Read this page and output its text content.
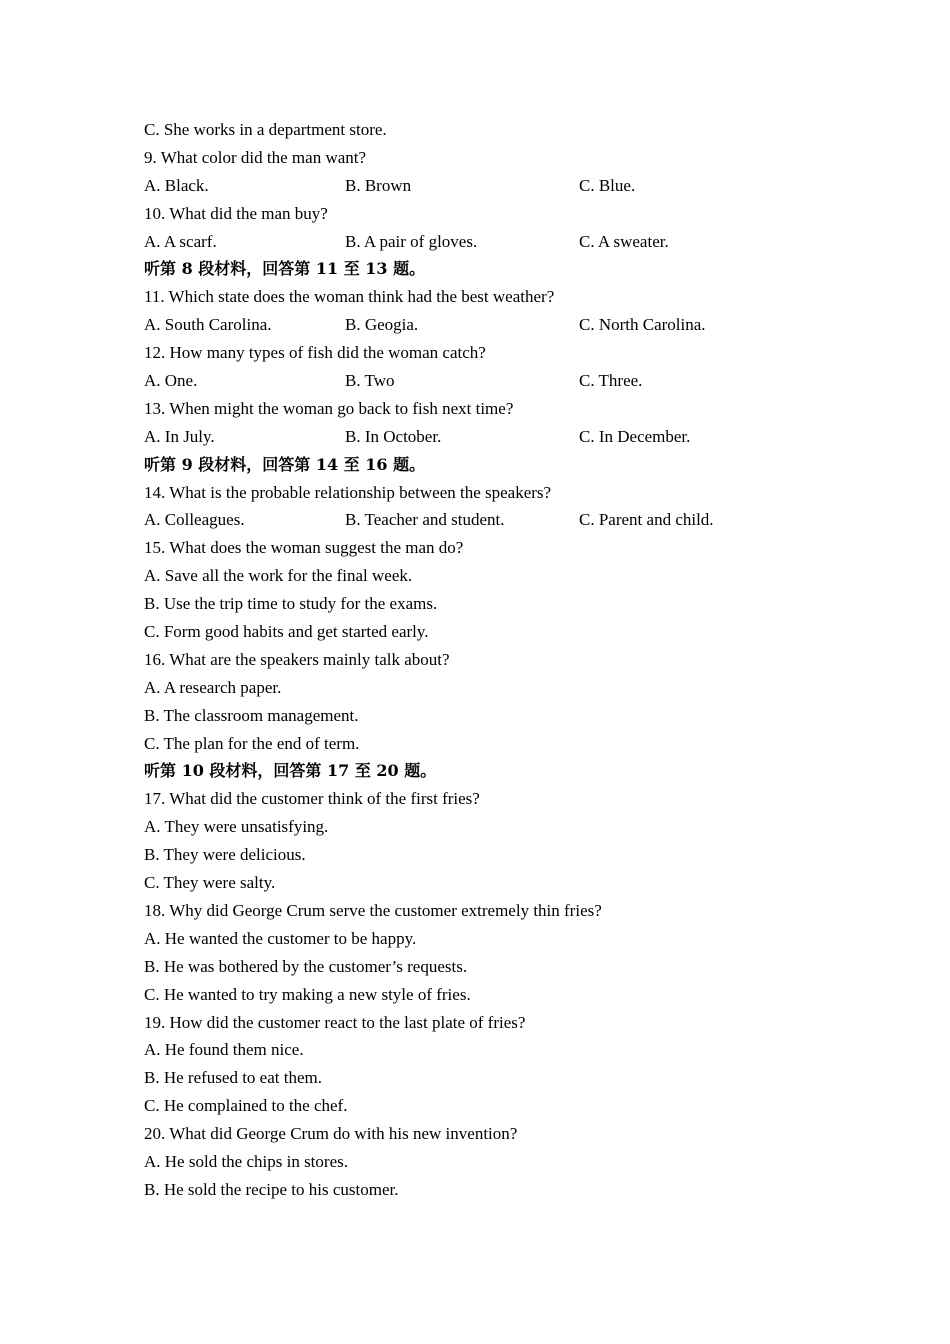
C. She works in a department store.
9. What color did the man want?
A. Black.	B. Brown	C. Blue.
10. What did the man buy?
A. A scarf.	B. A pair of gloves.	C. A sweater.
听第 8 段材料，回答第 11 至 13 题。
11. Which state does the woman think had the best weather?
A. South Carolina.	B. Geogia.	C. North Carolina.
12. How many types of fish did the woman catch?
A. One.	B. Two	C. Three.
13. When might the woman go back to fish next time?
A. In July.	B. In October.	C. In December.
听第 9 段材料，回答第 14 至 16 题。
14. What is the probable relationship between the speakers?
A. Colleagues.	B. Teacher and student.	C. Parent and child.
15. What does the woman suggest the man do?
A. Save all the work for the final week.
B. Use the trip time to study for the exams.
C. Form good habits and get started early.
16. What are the speakers mainly talk about?
A. A research paper.
B. The classroom management.
C. The plan for the end of term.
听第 10 段材料，回答第 17 至 20 题。
17. What did the customer think of the first fries?
A. They were unsatisfying.
B. They were delicious.
C. They were salty.
18. Why did George Crum serve the customer extremely thin fries?
A. He wanted the customer to be happy.
B. He was bothered by the customer’s requests.
C. He wanted to try making a new style of fries.
19. How did the customer react to the last plate of fries?
A. He found them nice.
B. He refused to eat them.
C. He complained to the chef.
20. What did George Crum do with his new invention?
A. He sold the chips in stores.
B. He sold the recipe to his customer.
